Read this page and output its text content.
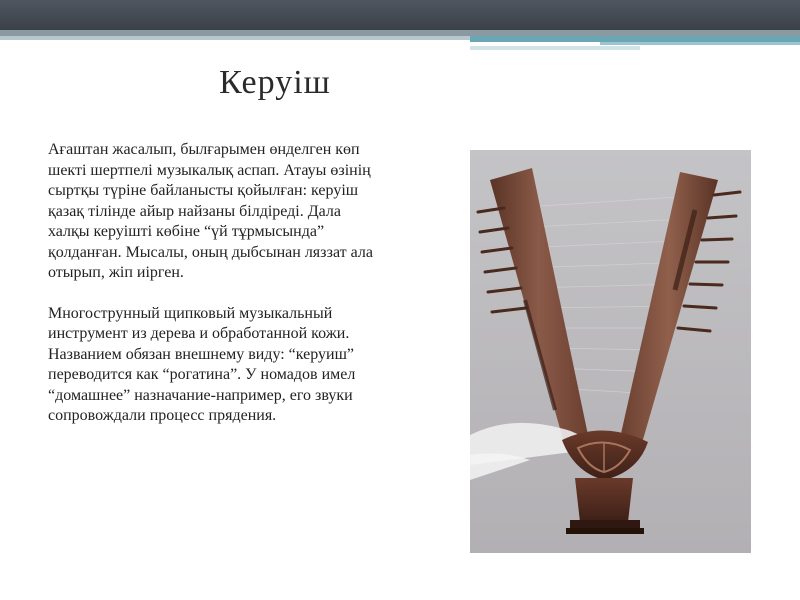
Керуіш

Ағаштан жасалып, былғарымен өнделген көп шекті шертпелі музыкалық аспап. Атауы өзінің сыртқы түріне байланысты қойылған: керуіш қазақ тілінде айыр найзаны білдіреді. Дала халқы керуішті көбіне “үй тұрмысында” қолданған. Мысалы, оның дыбсынан ляззат ала отырып, жіп иірген.

Многострунный щипковый музыкальный инструмент из дерева и обработанной кожи. Названием обязан внешнему виду: “керуиш” переводится как “рогатина”. У номадов имел “домашнее” назначание-например, его звуки сопровождали процесс прядения.
